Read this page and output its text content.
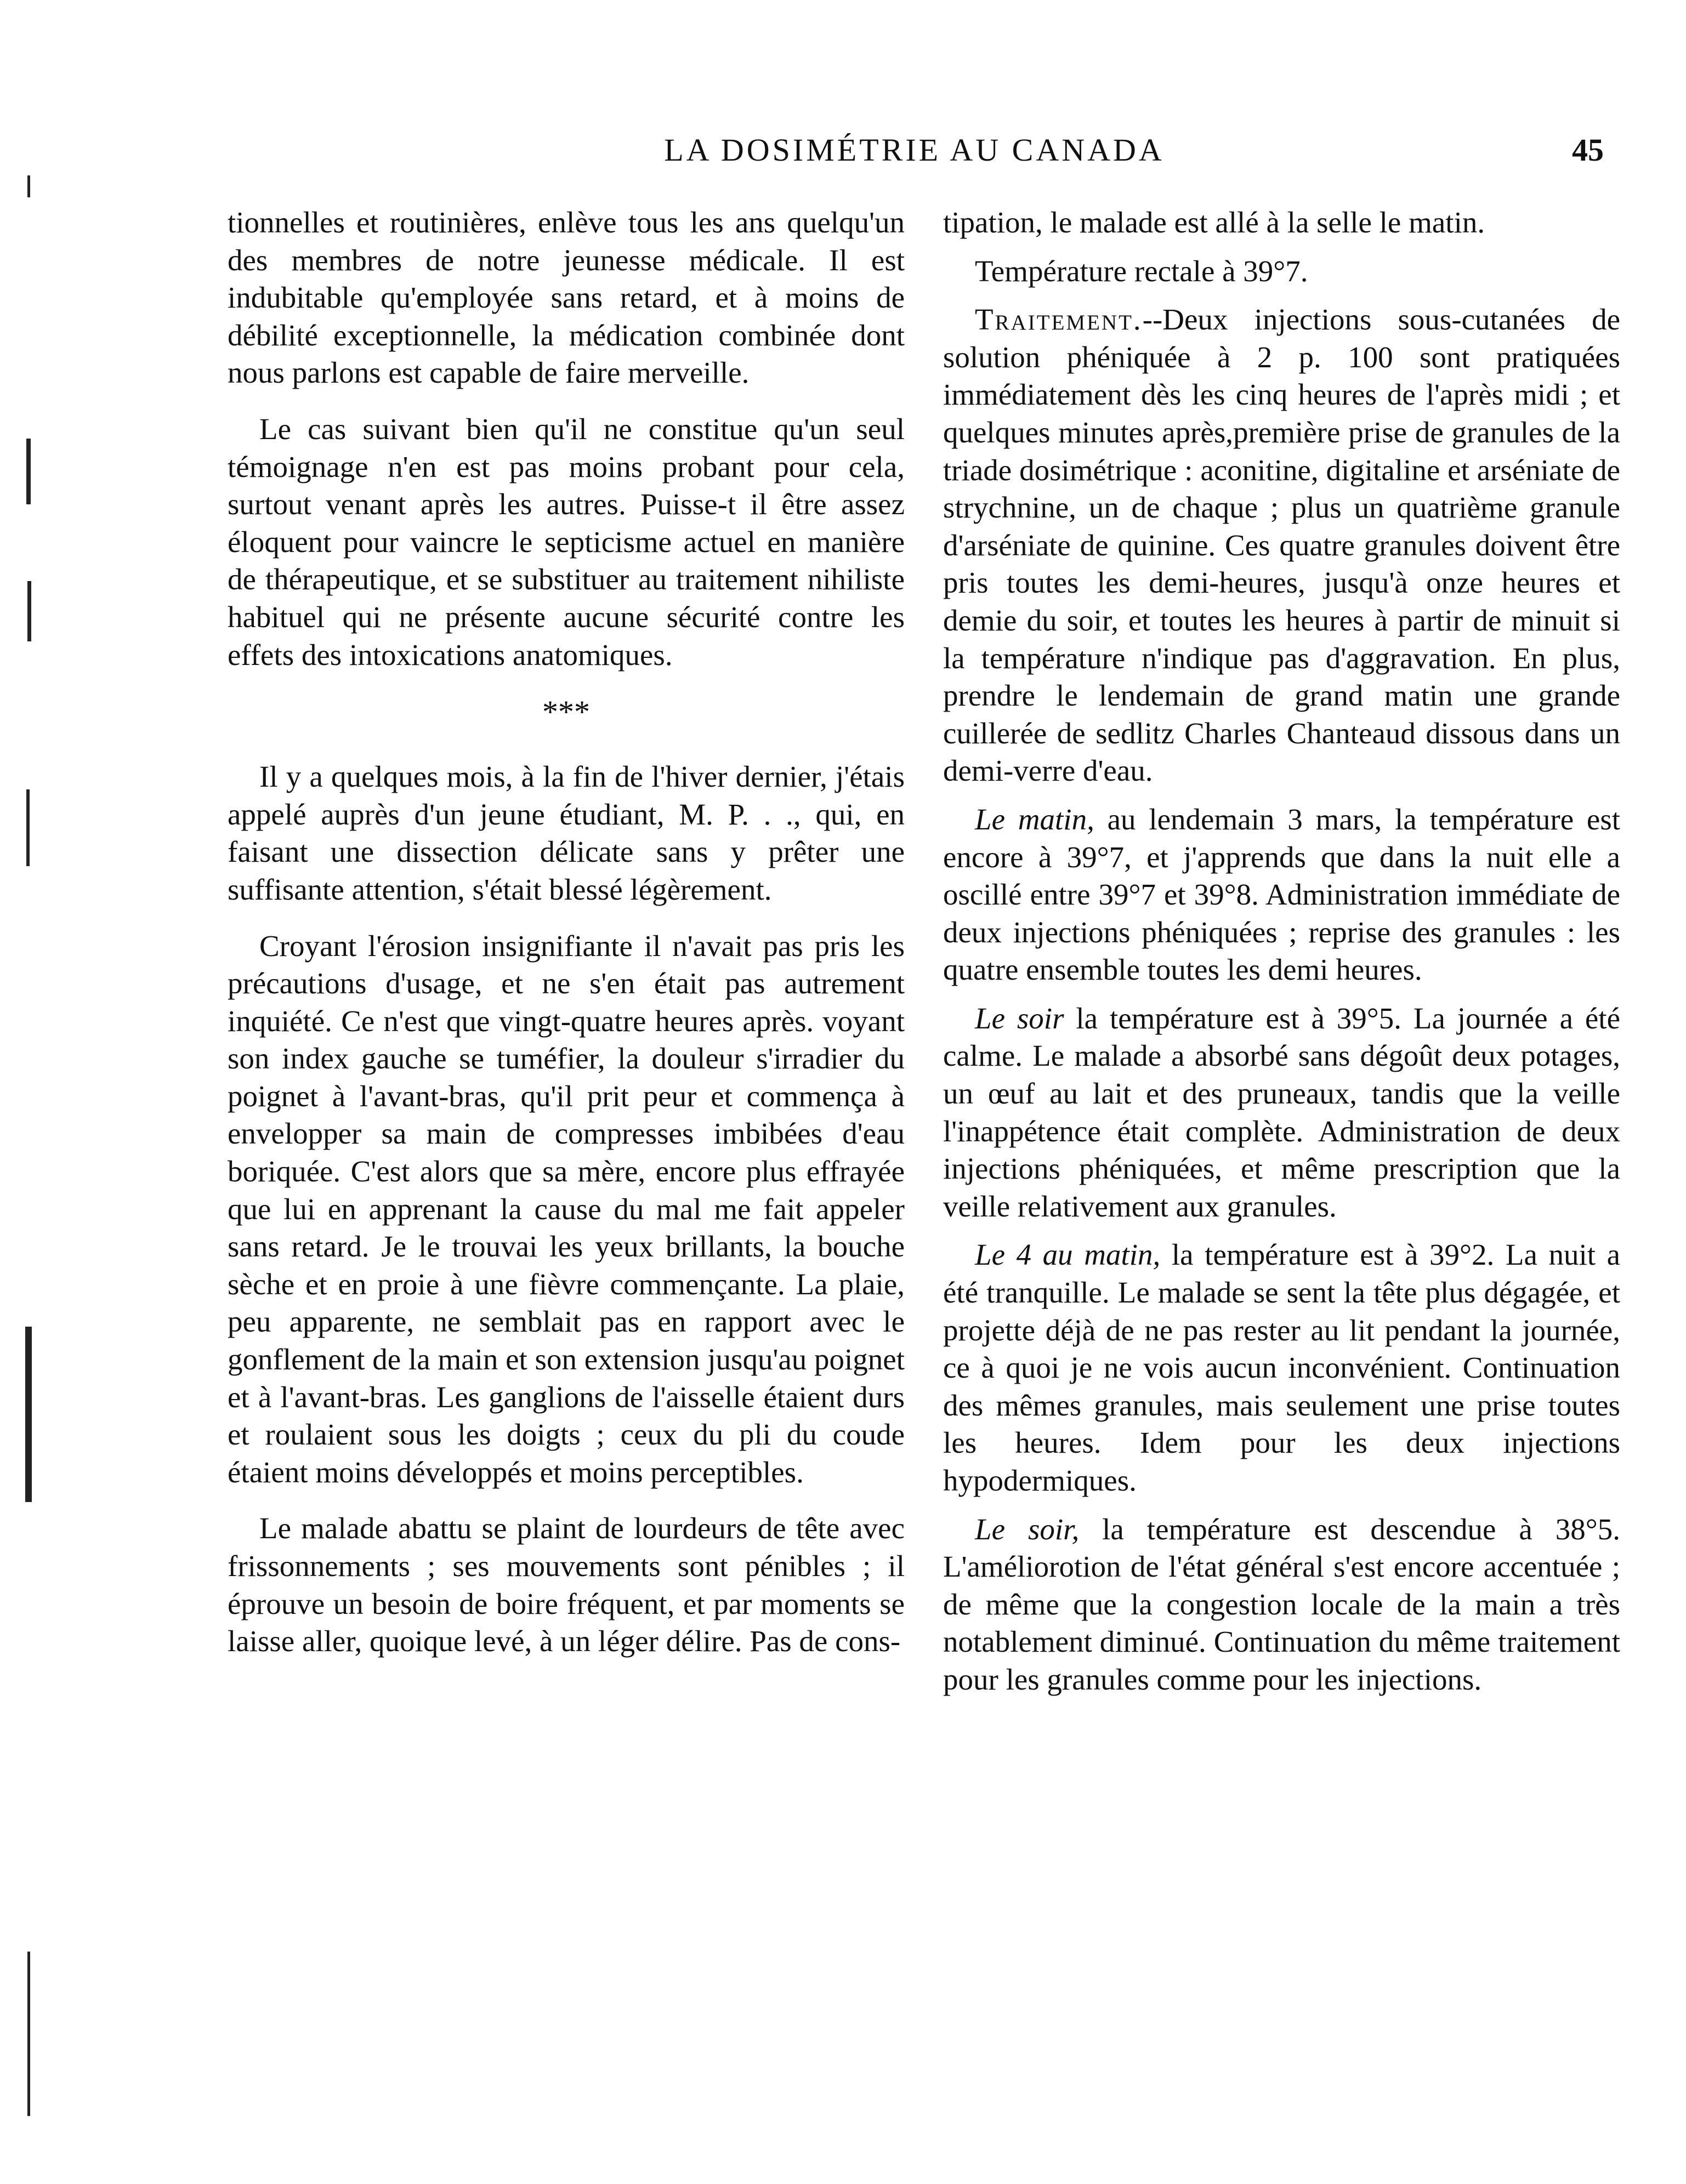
LA DOSIMÉTRIE AU CANADA	45

tionnelles et routinières, enlève tous les ans quelqu'un des membres de notre jeunesse médicale. Il est indubitable qu'employée sans retard, et à moins de débilité exceptionnelle, la médication combinée dont nous parlons est capable de faire merveille.

Le cas suivant bien qu'il ne constitue qu'un seul témoignage n'en est pas moins probant pour cela, surtout venant après les autres. Puisse-t il être assez éloquent pour vaincre le septicisme actuel en manière de thérapeutique, et se substituer au traitement nihiliste habituel qui ne présente aucune sécurité contre les effets des intoxications anatomiques.

***

Il y a quelques mois, à la fin de l'hiver dernier, j'étais appelé auprès d'un jeune étudiant, M. P. . ., qui, en faisant une dissection délicate sans y prêter une suffisante attention, s'était blessé légèrement.

Croyant l'érosion insignifiante il n'avait pas pris les précautions d'usage, et ne s'en était pas autrement inquiété. Ce n'est que vingt-quatre heures après. voyant son index gauche se tuméfier, la douleur s'irradier du poignet à l'avant-bras, qu'il prit peur et commença à envelopper sa main de compresses imbibées d'eau boriquée. C'est alors que sa mère, encore plus effrayée que lui en apprenant la cause du mal me fait appeler sans retard. Je le trouvai les yeux brillants, la bouche sèche et en proie à une fièvre commençante. La plaie, peu apparente, ne semblait pas en rapport avec le gonflement de la main et son extension jusqu'au poignet et à l'avant-bras. Les ganglions de l'aisselle étaient durs et roulaient sous les doigts ; ceux du pli du coude étaient moins développés et moins perceptibles.

Le malade abattu se plaint de lourdeurs de tête avec frissonnements ; ses mouvements sont pénibles ; il éprouve un besoin de boire fréquent, et par moments se laisse aller, quoique levé, à un léger délire. Pas de cons-

tipation, le malade est allé à la selle le matin.

Température rectale à 39°7.

Traitement.--Deux injections sous-cutanées de solution phéniquée à 2 p. 100 sont pratiquées immédiatement dès les cinq heures de l'après midi ; et quelques minutes après,première prise de granules de la triade dosimétrique : aconitine, digitaline et arséniate de strychnine, un de chaque ; plus un quatrième granule d'arséniate de quinine. Ces quatre granules doivent être pris toutes les demi-heures, jusqu'à onze heures et demie du soir, et toutes les heures à partir de minuit si la température n'indique pas d'aggravation. En plus, prendre le lendemain de grand matin une grande cuillerée de sedlitz Charles Chanteaud dissous dans un demi-verre d'eau.

Le matin, au lendemain 3 mars, la température est encore à 39°7, et j'apprends que dans la nuit elle a oscillé entre 39°7 et 39°8. Administration immédiate de deux injections phéniquées ; reprise des granules : les quatre ensemble toutes les demi heures.

Le soir la température est à 39°5. La journée a été calme. Le malade a absorbé sans dégoût deux potages, un œuf au lait et des pruneaux, tandis que la veille l'inappétence était complète. Administration de deux injections phéniquées, et même prescription que la veille relativement aux granules.

Le 4 au matin, la température est à 39°2. La nuit a été tranquille. Le malade se sent la tête plus dégagée, et projette déjà de ne pas rester au lit pendant la journée, ce à quoi je ne vois aucun inconvénient. Continuation des mêmes granules, mais seulement une prise toutes les heures. Idem pour les deux injections hypodermiques.

Le soir, la température est descendue à 38°5. L'améliorotion de l'état général s'est encore accentuée ; de même que la congestion locale de la main a très notablement diminué. Continuation du même traitement pour les granules comme pour les injections.
